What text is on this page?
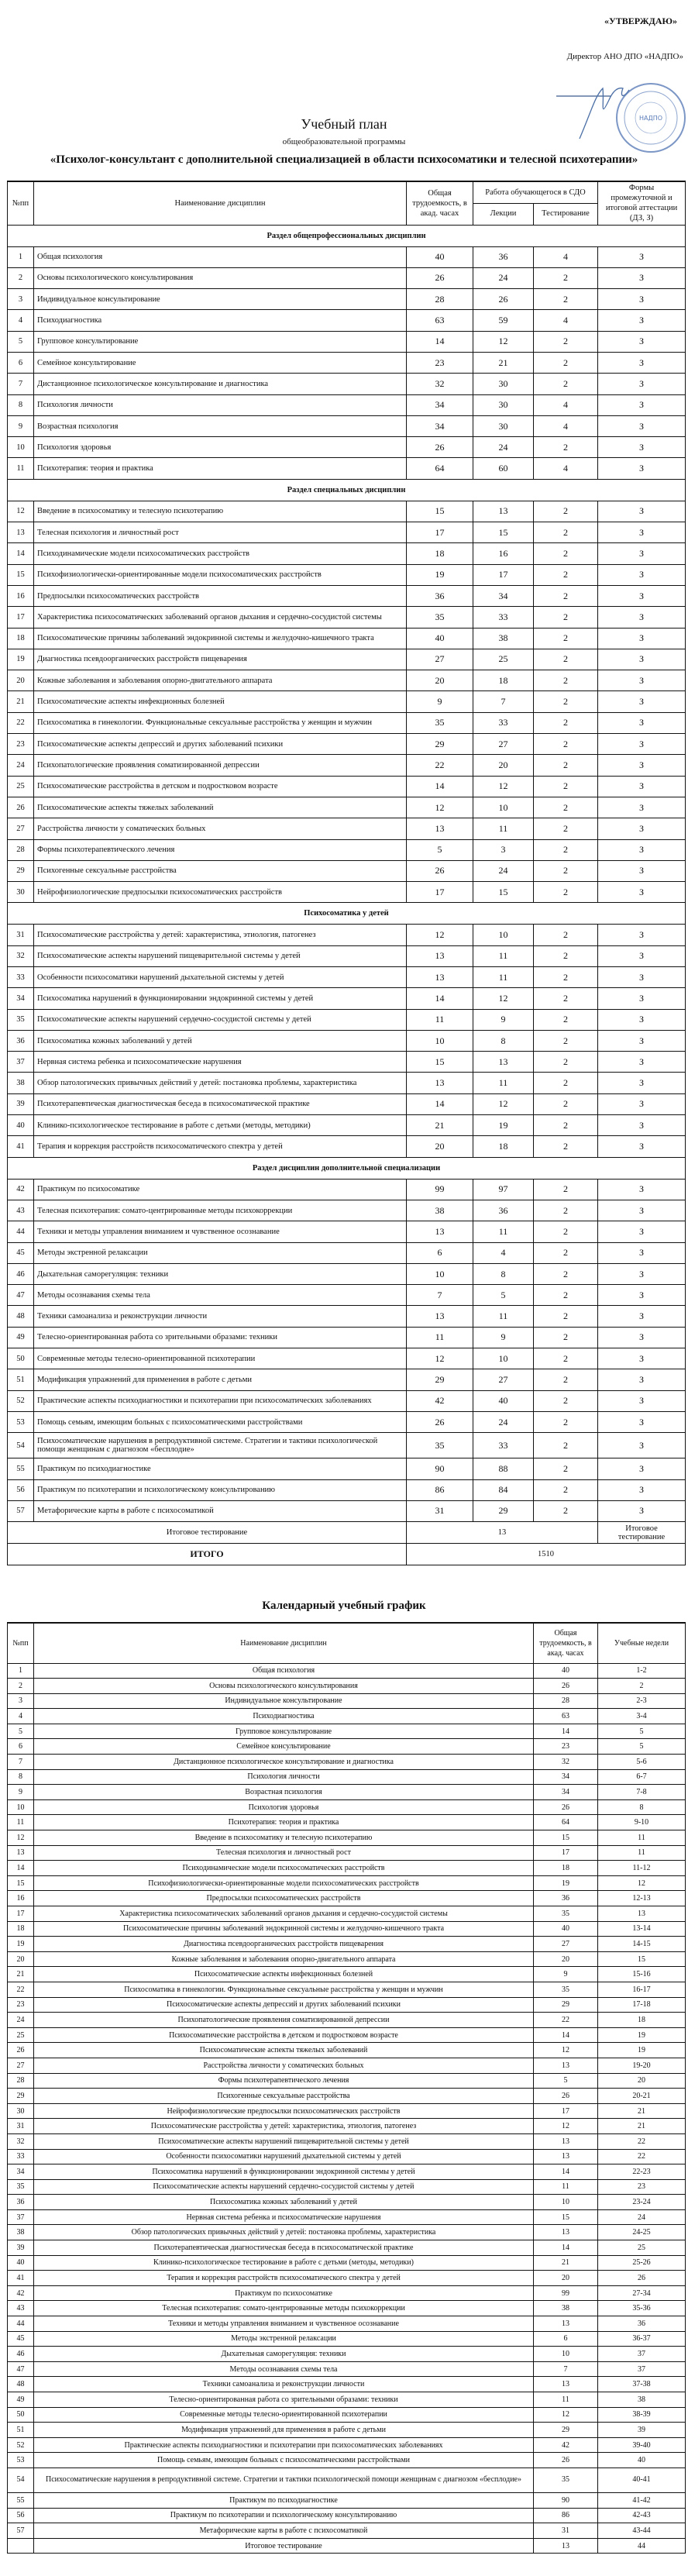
«УТВЕРЖДАЮ»
Директор АНО ДПО «НАДПО»
НАДПО
Учебный план
общеобразовательной программы
«Психолог-консультант с дополнительной специализацией в области психосоматики и телесной психотерапии»
№пп	Наименование дисциплин	Общая трудоемкость, в акад. часах	Работа обучающегося в СДО		Формы промежуточной и итоговой аттестации (ДЗ, З)
			Лекции	Тестирование	
Раздел общепрофессиональных дисциплин					
1	Общая психология	40	36	4	З
2	Основы психологического консультирования	26	24	2	З
3	Индивидуальное консультирование	28	26	2	З
4	Психодиагностика	63	59	4	З
5	Групповое консультирование	14	12	2	З
6	Семейное консультирование	23	21	2	З
7	Дистанционное психологическое консультирование и диагностика	32	30	2	З
8	Психология личности	34	30	4	З
9	Возрастная психология	34	30	4	З
10	Психология здоровья	26	24	2	З
11	Психотерапия: теория и практика	64	60	4	З
Раздел специальных дисциплин					
12	Введение в психосоматику и телесную психотерапию	15	13	2	З
13	Телесная психология и личностный рост	17	15	2	З
14	Психодинамические модели психосоматических расстройств	18	16	2	З
15	Психофизиологически-ориентированные модели психосоматических расстройств	19	17	2	З
16	Предпосылки психосоматических расстройств	36	34	2	З
17	Характеристика психосоматических заболеваний органов дыхания и сердечно-сосудистой системы	35	33	2	З
18	Психосоматические причины заболеваний эндокринной системы и желудочно-кишечного тракта	40	38	2	З
19	Диагностика псевдоорганических расстройств пищеварения	27	25	2	З
20	Кожные заболевания и заболевания опорно-двигательного аппарата	20	18	2	З
21	Психосоматические аспекты инфекционных болезней	9	7	2	З
22	Психосоматика в гинекологии. Функциональные сексуальные расстройства у женщин и мужчин	35	33	2	З
23	Психосоматические аспекты депрессий и других заболеваний психики	29	27	2	З
24	Психопатологические проявления соматизированной депрессии	22	20	2	З
25	Психосоматические расстройства в детском и подростковом возрасте	14	12	2	З
26	Психосоматические аспекты тяжелых заболеваний	12	10	2	З
27	Расстройства личности у соматических больных	13	11	2	З
28	Формы психотерапевтического лечения	5	3	2	З
29	Психогенные сексуальные расстройства	26	24	2	З
30	Нейрофизиологические предпосылки психосоматических расстройств	17	15	2	З
Психосоматика у детей					
31	Психосоматические расстройства у детей: характеристика, этиология, патогенез	12	10	2	З
32	Психосоматические аспекты нарушений пищеварительной системы у детей	13	11	2	З
33	Особенности психосоматики нарушений дыхательной системы у детей	13	11	2	З
34	Психосоматика нарушений в функционировании эндокринной системы у детей	14	12	2	З
35	Психосоматические аспекты нарушений сердечно-сосудистой системы у детей	11	9	2	З
36	Психосоматика кожных заболеваний у детей	10	8	2	З
37	Нервная система ребенка и психосоматические нарушения	15	13	2	З
38	Обзор патологических привычных действий у детей: постановка проблемы, характеристика	13	11	2	З
39	Психотерапевтическая диагностическая беседа в психосоматической практике	14	12	2	З
40	Клинико-психологическое тестирование в работе с детьми (методы, методики)	21	19	2	З
41	Терапия и коррекция расстройств психосоматического спектра у детей	20	18	2	З
Раздел дисциплин дополнительной специализации					
42	Практикум по психосоматике	99	97	2	З
43	Телесная психотерапия: сомато-центрированные методы психокоррекции	38	36	2	З
44	Техники и методы управления вниманием и чувственное осознавание	13	11	2	З
45	Методы экстренной релаксации	6	4	2	З
46	Дыхательная саморегуляция: техники	10	8	2	З
47	Методы осознавания схемы тела	7	5	2	З
48	Техники самоанализа и реконструкции личности	13	11	2	З
49	Телесно-ориентированная работа со зрительными образами: техники	11	9	2	З
50	Современные методы телесно-ориентированной психотерапии	12	10	2	З
51	Модификация упражнений для применения в работе с детьми	29	27	2	З
52	Практические аспекты психодиагностики и психотерапии при психосоматических заболеваниях	42	40	2	З
53	Помощь семьям, имеющим больных с психосоматическими расстройствами	26	24	2	З
54	Психосоматические нарушения в репродуктивной системе. Стратегии и тактики психологической помощи женщинам с диагнозом «бесплодие»	35	33	2	З
55	Практикум по психодиагностике	90	88	2	З
56	Практикум по психотерапии и психологическому консультированию	86	84	2	З
57	Метафорические карты в работе с психосоматикой	31	29	2	З
Итоговое тестирование		13			Итоговое тестирование
ИТОГО		1510			
Календарный учебный график
№пп	Наименование дисциплин	Общая трудоемкость, в акад. часах	Учебные недели
1	Общая психология	40	1-2
2	Основы психологического консультирования	26	2
3	Индивидуальное консультирование	28	2-3
4	Психодиагностика	63	3-4
5	Групповое консультирование	14	5
6	Семейное консультирование	23	5
7	Дистанционное психологическое консультирование и диагностика	32	5-6
8	Психология личности	34	6-7
9	Возрастная психология	34	7-8
10	Психология здоровья	26	8
11	Психотерапия: теория и практика	64	9-10
12	Введение в психосоматику и телесную психотерапию	15	11
13	Телесная психология и личностный рост	17	11
14	Психодинамические модели психосоматических расстройств	18	11-12
15	Психофизиологически-ориентированные модели психосоматических расстройств	19	12
16	Предпосылки психосоматических расстройств	36	12-13
17	Характеристика психосоматических заболеваний органов дыхания и сердечно-сосудистой системы	35	13
18	Психосоматические причины заболеваний эндокринной системы и желудочно-кишечного тракта	40	13-14
19	Диагностика псевдоорганических расстройств пищеварения	27	14-15
20	Кожные заболевания и заболевания опорно-двигательного аппарата	20	15
21	Психосоматические аспекты инфекционных болезней	9	15-16
22	Психосоматика в гинекологии. Функциональные сексуальные расстройства у женщин и мужчин	35	16-17
23	Психосоматические аспекты депрессий и других заболеваний психики	29	17-18
24	Психопатологические проявления соматизированной депрессии	22	18
25	Психосоматические расстройства в детском и подростковом возрасте	14	19
26	Психосоматические аспекты тяжелых заболеваний	12	19
27	Расстройства личности у соматических больных	13	19-20
28	Формы психотерапевтического лечения	5	20
29	Психогенные сексуальные расстройства	26	20-21
30	Нейрофизиологические предпосылки психосоматических расстройств	17	21
31	Психосоматические расстройства у детей: характеристика, этиология, патогенез	12	21
32	Психосоматические аспекты нарушений пищеварительной системы у детей	13	22
33	Особенности психосоматики нарушений дыхательной системы у детей	13	22
34	Психосоматика нарушений в функционировании эндокринной системы у детей	14	22-23
35	Психосоматические аспекты нарушений сердечно-сосудистой системы у детей	11	23
36	Психосоматика кожных заболеваний у детей	10	23-24
37	Нервная система ребенка и психосоматические нарушения	15	24
38	Обзор патологических привычных действий у детей: постановка проблемы, характеристика	13	24-25
39	Психотерапевтическая диагностическая беседа в психосоматической практике	14	25
40	Клинико-психологическое тестирование в работе с детьми (методы, методики)	21	25-26
41	Терапия и коррекция расстройств психосоматического спектра у детей	20	26
42	Практикум по психосоматике	99	27-34
43	Телесная психотерапия: сомато-центрированные методы психокоррекции	38	35-36
44	Техники и методы управления вниманием и чувственное осознавание	13	36
45	Методы экстренной релаксации	6	36-37
46	Дыхательная саморегуляция: техники	10	37
47	Методы осознавания схемы тела	7	37
48	Техники самоанализа и реконструкции личности	13	37-38
49	Телесно-ориентированная работа со зрительными образами: техники	11	38
50	Современные методы телесно-ориентированной психотерапии	12	38-39
51	Модификация упражнений для применения в работе с детьми	29	39
52	Практические аспекты психодиагностики и психотерапии при психосоматических заболеваниях	42	39-40
53	Помощь семьям, имеющим больных с психосоматическими расстройствами	26	40
54	Психосоматические нарушения в репродуктивной системе. Стратегии и тактики психологической помощи женщинам с диагнозом «бесплодие»	35	40-41
55	Практикум по психодиагностике	90	41-42
56	Практикум по психотерапии и психологическому консультированию	86	42-43
57	Метафорические карты в работе с психосоматикой	31	43-44
	Итоговое тестирование	13	44
